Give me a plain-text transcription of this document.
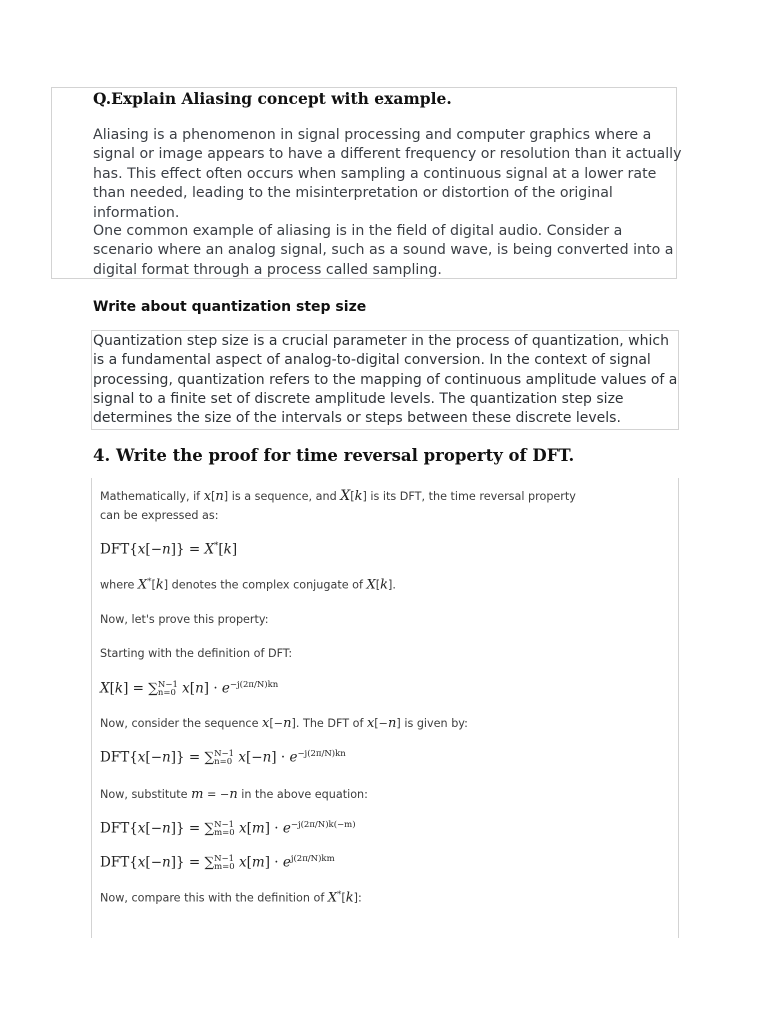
Q.Explain Aliasing concept with example.

Aliasing is a phenomenon in signal processing and computer graphics where a signal or image appears to have a different frequency or resolution than it actually has. This effect often occurs when sampling a continuous signal at a lower rate than needed, leading to the misinterpretation or distortion of the original information.

One common example of aliasing is in the field of digital audio. Consider a scenario where an analog signal, such as a sound wave, is being converted into a digital format through a process called sampling.

Write about quantization step size

Quantization step size is a crucial parameter in the process of quantization, which is a fundamental aspect of analog-to-digital conversion. In the context of signal processing, quantization refers to the mapping of continuous amplitude values of a signal to a finite set of discrete amplitude levels. The quantization step size determines the size of the intervals or steps between these discrete levels.

4. Write the proof for time reversal property of DFT.
Mathematically, if x[n] is a sequence, and X[k] is its DFT, the time reversal property
can be expressed as:
DFT{x[−n]} = X*[k]
where X*[k] denotes the complex conjugate of X[k].
Now, let's prove this property:
Starting with the definition of DFT:
X[k] = ∑ N−1
n=0 $x[n] \cdot e^{-j(2\pi/N)kn}$
Now, consider the sequence x[−n]. The DFT of x[−n] is given by:
DFT{x[−n]} = ∑ N−1
n=0 $x[-n] \cdot e^{-j(2\pi/N)kn}$
Now, substitute m = −n in the above equation:
DFT{x[−n]} = ∑ N−1
m=0 $x[m] \cdot e^{-j(2\pi/N)k(-m)}$
DFT{x[−n]} = ∑ N−1
m=0 $x[m] \cdot e^{j(2\pi/N)km}$
Now, compare this with the definition of X*[k]:
